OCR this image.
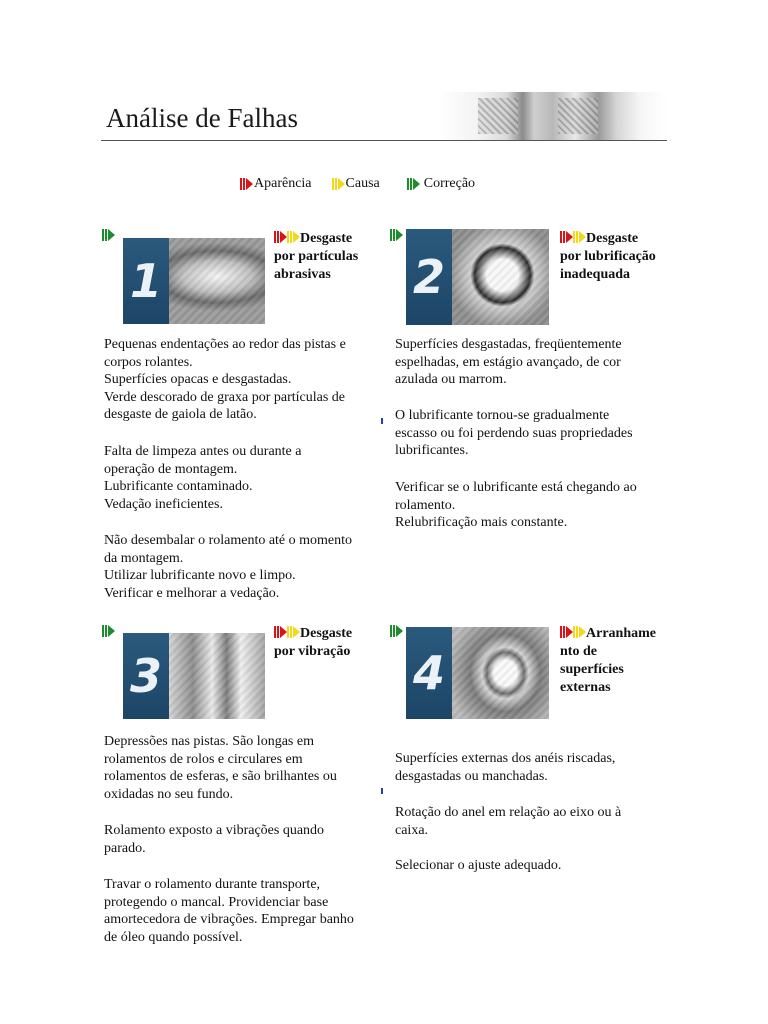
Análise de Falhas
Aparência Causa	Correção
1
Desgaste
por partículas
abrasivas
Pequenas endentações ao redor das pistas e
corpos rolantes.
Superfícies opacas e desgastadas.
Verde descorado de graxa por partículas de
desgaste de gaiola de latão.
Falta de limpeza antes ou durante a
operação de montagem.
Lubrificante contaminado.
Vedação ineficientes.
Não desembalar o rolamento até o momento
da montagem.
Utilizar lubrificante novo e limpo.
Verificar e melhorar a vedação.
2
Desgaste
por lubrificação
inadequada
Superfícies desgastadas, freqüentemente
espelhadas, em estágio avançado, de cor
azulada ou marrom.
O lubrificante tornou-se gradualmente
escasso ou foi perdendo suas propriedades
lubrificantes.
Verificar se o lubrificante está chegando ao
rolamento.
Relubrificação mais constante.
3
Desgaste
por vibração
Depressões nas pistas. São longas em
rolamentos de rolos e circulares em
rolamentos de esferas, e são brilhantes ou
oxidadas no seu fundo.
Rolamento exposto a vibrações quando
parado.
Travar o rolamento durante transporte,
protegendo o mancal. Providenciar base
amortecedora de vibrações. Empregar banho
de óleo quando possível.
4
Arranhame
nto de
superfícies
externas
Superfícies externas dos anéis riscadas,
desgastadas ou manchadas.
Rotação do anel em relação ao eixo ou à
caixa.
Selecionar o ajuste adequado.
